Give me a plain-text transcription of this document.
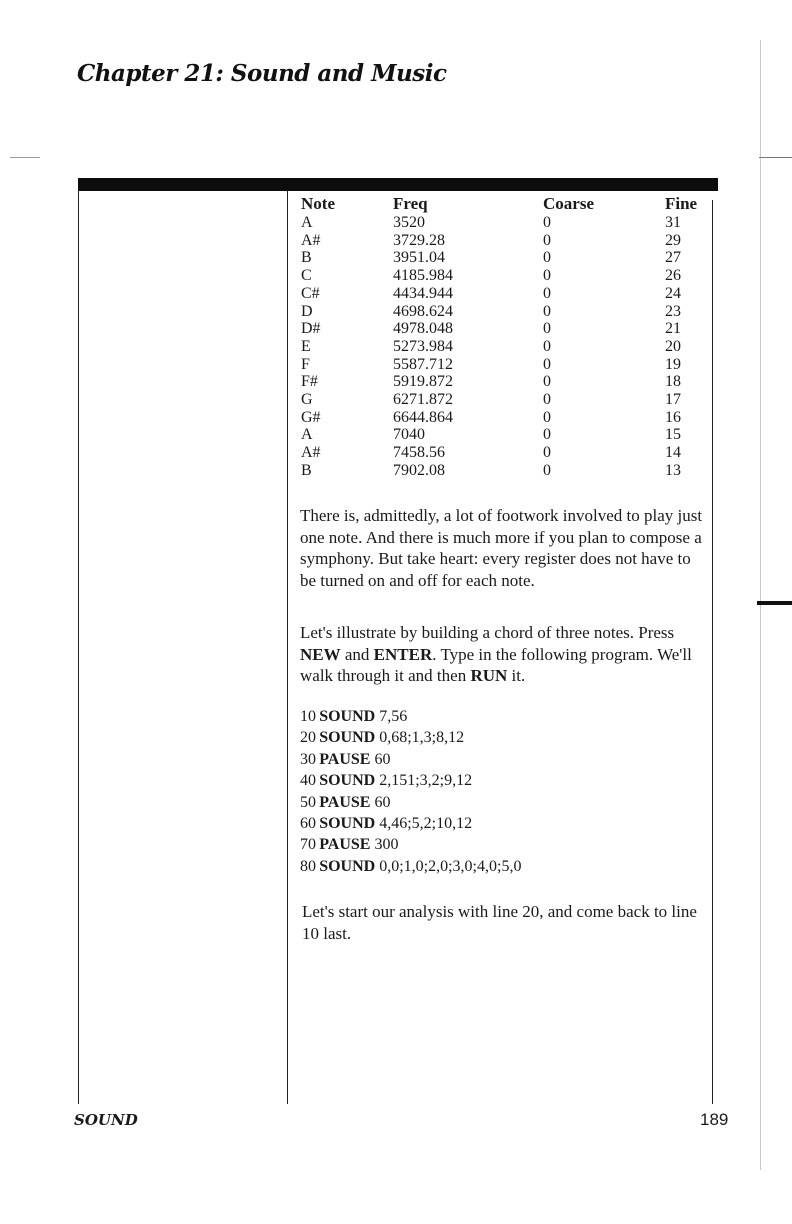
Chapter 21: Sound and Music
Note	Freq	Coarse	Fine
A	3520	0	31
A#	3729.28	0	29
B	3951.04	0	27
C	4185.984	0	26
C#	4434.944	0	24
D	4698.624	0	23
D#	4978.048	0	21
E	5273.984	0	20
F	5587.712	0	19
F#	5919.872	0	18
G	6271.872	0	17
G#	6644.864	0	16
A	7040	0	15
A#	7458.56	0	14
B	7902.08	0	13

There is, admittedly, a lot of footwork involved to play just one note. And there is much more if you plan to compose a symphony. But take heart: every register does not have to be turned on and off for each note.

Let's illustrate by building a chord of three notes. Press NEW and ENTER. Type in the following program. We'll walk through it and then RUN it.

10  SOUND 7,56
20  SOUND 0,68;1,3;8,12
30  PAUSE 60
40  SOUND 2,151;3,2;9,12
50  PAUSE 60
60  SOUND 4,46;5,2;10,12
70  PAUSE 300
80  SOUND 0,0;1,0;2,0;3,0;4,0;5,0

Let's start our analysis with line 20, and come back to line 10 last.

SOUND	189
